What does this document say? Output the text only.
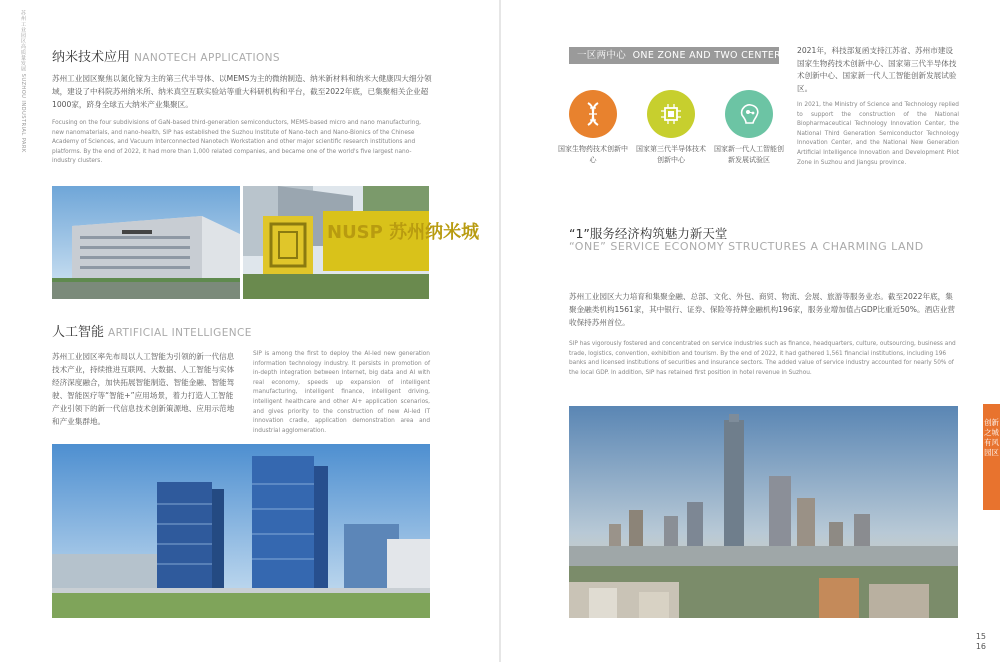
苏州工业园区高质量发展 SUZHOU INDUSTRIAL PARK 纳米技术应用 NANOTECH APPLICATIONS
苏州工业园区聚焦以氮化镓为主的第三代半导体、以MEMS为主的微纳制造、纳米新材料和纳米大健康四大细分领域，建设了中科院苏州纳米所、纳米真空互联实验站等重大科研机构和平台，截至2022年底，已集聚相关企业超1000家，跻身全球五大纳米产业集聚区。
Focusing on the four subdivisions of GaN-based third-generation semiconductors, MEMS-based micro and nano manufacturing, new nanomaterials, and nano-health, SIP has established the Suzhou Institute of Nano-tech and Nano-Bionics of the Chinese Academy of Sciences, and Vacuum Interconnected Nanotech Workstation and other major scientific research institutions and platforms. By the end of 2022, it had more than 1,000 related companies, and became one of the world's five largest nano-industry clusters.
NUSP 苏州纳米城
人工智能 ARTIFICIAL INTELLIGENCE
苏州工业园区率先布局以人工智能为引领的新一代信息技术产业，持续推进互联网、大数据、人工智能与实体经济深度融合，加快拓展智能制造、智能金融、智能驾驶、智能医疗等“智能+”应用场景，着力打造人工智能产业引领下的新一代信息技术创新策源地、应用示范地和产业集群地。
SIP is among the first to deploy the AI-led new generation information technology industry. It persists in promotion of in-depth integration between Internet, big data and AI with real economy, speeds up expansion of intelligent manufacturing, intelligent finance, intelligent driving, intelligent healthcare and other AI+ application scenarios, and gives priority to the construction of new AI-led IT innovation cradle, application demonstration area and industrial agglomeration.
一区两中心 ONE ZONE AND TWO CENTERS
国家生物药技术创新中心
国家第三代半导体技术创新中心
国家新一代人工智能创新发展试验区
2021年，科技部复函支持江苏省、苏州市建设国家生物药技术创新中心、国家第三代半导体技术创新中心、国家新一代人工智能创新发展试验区。
In 2021, the Ministry of Science and Technology replied to support the construction of the National Biopharmaceutical Technology Innovation Center, the National Third Generation Semiconductor Technology Innovation Center, and the National New Generation Artificial Intelligence Innovation and Development Pilot Zone in Suzhou and Jiangsu province.
“1”服务经济构筑魅力新天堂
“ONE” SERVICE ECONOMY STRUCTURES A CHARMING LAND
苏州工业园区大力培育和集聚金融、总部、文化、外包、商贸、物流、会展、旅游等服务业态。截至2022年底，集聚金融类机构1561家，其中银行、证券、保险等持牌金融机构196家，服务业增加值占GDP比重近50%。酒店业营收保持苏州首位。
SIP has vigorously fostered and concentrated on service industries such as finance, headquarters, culture, outsourcing, business and trade, logistics, convention, exhibition and tourism. By the end of 2022, it had gathered 1,561 financial institutions, including 196 banks and licensed institutions of securities and insurance sectors. The added value of service industry accounted for nearly 50% of the local GDP. In addition, SIP has retained first position in hotel revenue in Suzhou.
创新之城 有风园区
15
16
